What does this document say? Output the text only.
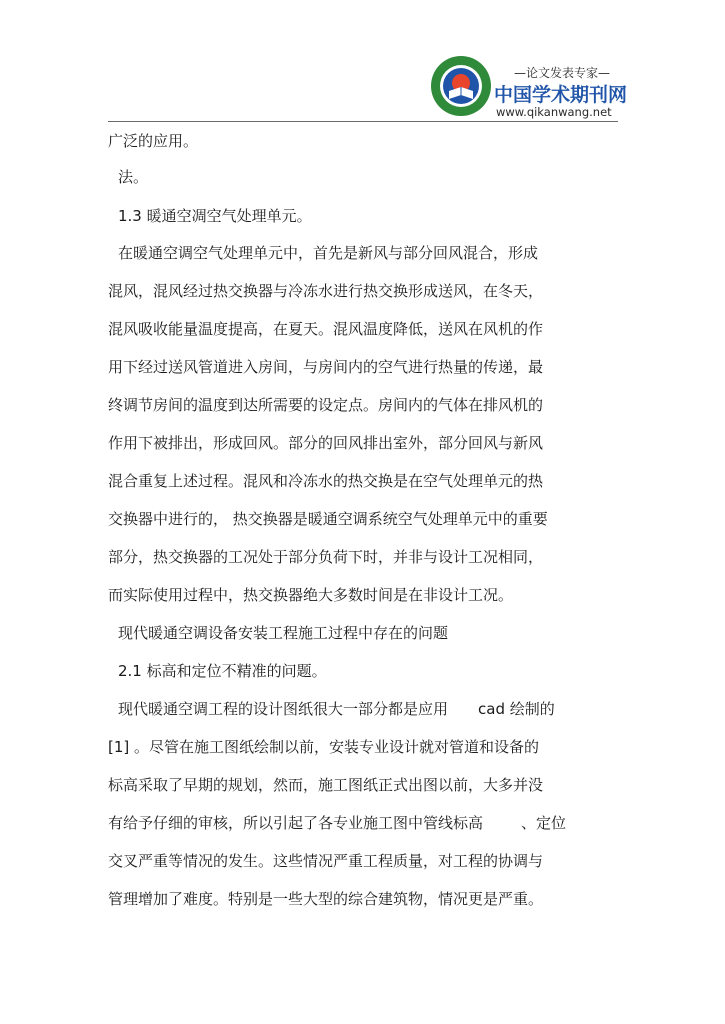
—论文发表专家—
中国学术期刊网
www.qikanwang.net
广泛的应用。
法。
1.3 暖通空凋空气处理单元。
在暖通空调空气处理单元中，首先是新风与部分回风混合，形成
混风，混风经过热交换器与冷冻水进行热交换形成送风，在冬天，
混风吸收能量温度提高，在夏天。混风温度降低，送风在风机的作
用下经过送风管道进入房间，与房间内的空气进行热量的传递，最
终调节房间的温度到达所需要的设定点。房间内的气体在排风机的
作用下被排出，形成回风。部分的回风排出室外，部分回风与新风
混合重复上述过程。混风和冷冻水的热交换是在空气处理单元的热
交换器中进行的， 热交换器是暖通空调系统空气处理单元中的重要
部分，热交换器的工况处于部分负荷下时，并非与设计工况相同，
而实际使用过程中，热交换器绝大多数时间是在非设计工况。
现代暖通空调设备安装工程施工过程中存在的问题
2.1 标高和定位不精准的问题。
现代暖通空调工程的设计图纸很大一部分都是应用 cad 绘制的
[1] 。尽管在施工图纸绘制以前，安装专业设计就对管道和设备的
标高采取了早期的规划，然而，施工图纸正式出图以前，大多并没
有给予仔细的审核，所以引起了各专业施工图中管线标高	、定位
交叉严重等情况的发生。这些情况严重工程质量，对工程的协调与
管理增加了难度。特别是一些大型的综合建筑物，情况更是严重。
